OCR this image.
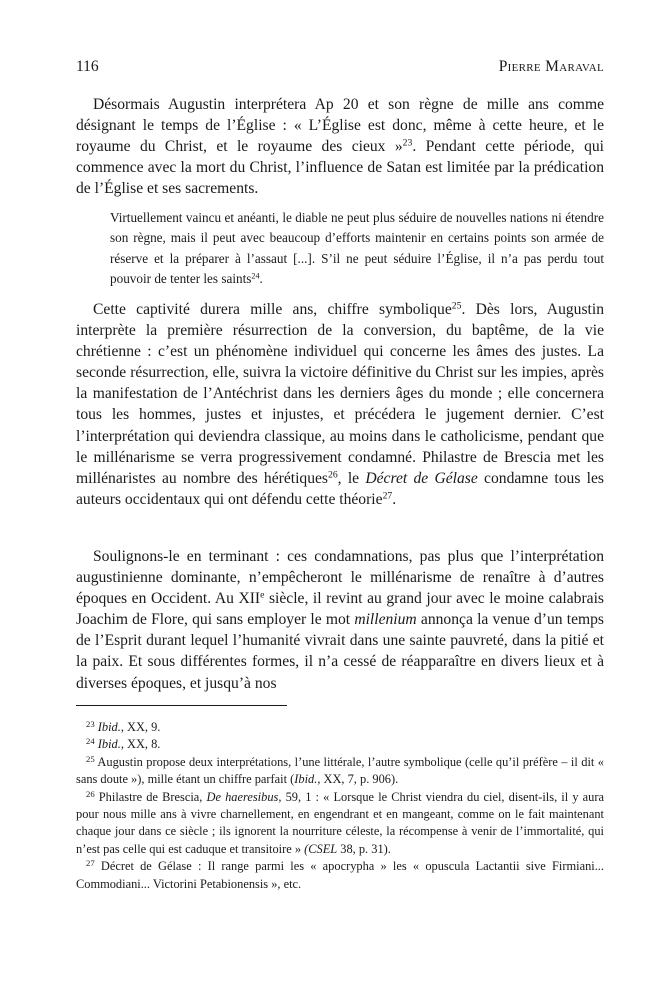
116	Pierre Maraval

Désormais Augustin interprétera Ap 20 et son règne de mille ans comme désignant le temps de l’Église : « L’Église est donc, même à cette heure, et le royaume du Christ, et le royaume des cieux »$^{23}$. Pendant cette période, qui commence avec la mort du Christ, l’influence de Satan est limitée par la prédication de l’Église et ses sacrements.

Virtuellement vaincu et anéanti, le diable ne peut plus séduire de nouvelles nations ni étendre son règne, mais il peut avec beaucoup d’efforts maintenir en certains points son armée de réserve et la préparer à l’assaut [...]. S’il ne peut séduire l’Église, il n’a pas perdu tout pouvoir de tenter les saints$^{24}$.

Cette captivité durera mille ans, chiffre symbolique$^{25}$. Dès lors, Augustin interprète la première résurrection de la conversion, du baptême, de la vie chrétienne : c’est un phénomène individuel qui concerne les âmes des justes. La seconde résurrection, elle, suivra la victoire définitive du Christ sur les impies, après la manifestation de l’Antéchrist dans les derniers âges du monde ; elle concernera tous les hommes, justes et injustes, et précédera le jugement dernier. C’est l’interprétation qui deviendra classique, au moins dans le catholicisme, pendant que le millénarisme se verra progressivement condamné. Philastre de Brescia met les millénaristes au nombre des hérétiques$^{26}$, le Décret de Gélase condamne tous les auteurs occidentaux qui ont défendu cette théorie$^{27}$.

Soulignons-le en terminant : ces condamnations, pas plus que l’interprétation augustinienne dominante, n’empêcheront le millénarisme de renaître à d’autres époques en Occident. Au XIIe siècle, il revint au grand jour avec le moine calabrais Joachim de Flore, qui sans employer le mot millenium annonça la venue d’un temps de l’Esprit durant lequel l’humanité vivrait dans une sainte pauvreté, dans la pitié et la paix. Et sous différentes formes, il n’a cessé de réapparaître en divers lieux et à diverses époques, et jusqu’à nos

$^{23}$ Ibid., XX, 9.

$^{24}$ Ibid., XX, 8.

$^{25}$ Augustin propose deux interprétations, l’une littérale, l’autre symbolique (celle qu’il préfère – il dit « sans doute »), mille étant un chiffre parfait (Ibid., XX, 7, p. 906).

$^{26}$ Philastre de Brescia, De haeresibus, 59, 1 : « Lorsque le Christ viendra du ciel, disent-ils, il y aura pour nous mille ans à vivre charnellement, en engendrant et en mangeant, comme on le fait maintenant chaque jour dans ce siècle ; ils ignorent la nourriture céleste, la récompense à venir de l’immortalité, qui n’est pas celle qui est caduque et transitoire » (CSEL 38, p. 31).

$^{27}$ Décret de Gélase : Il range parmi les « apocrypha » les « opuscula Lactantii sive Firmiani... Commodiani... Victorini Petabionensis », etc.
